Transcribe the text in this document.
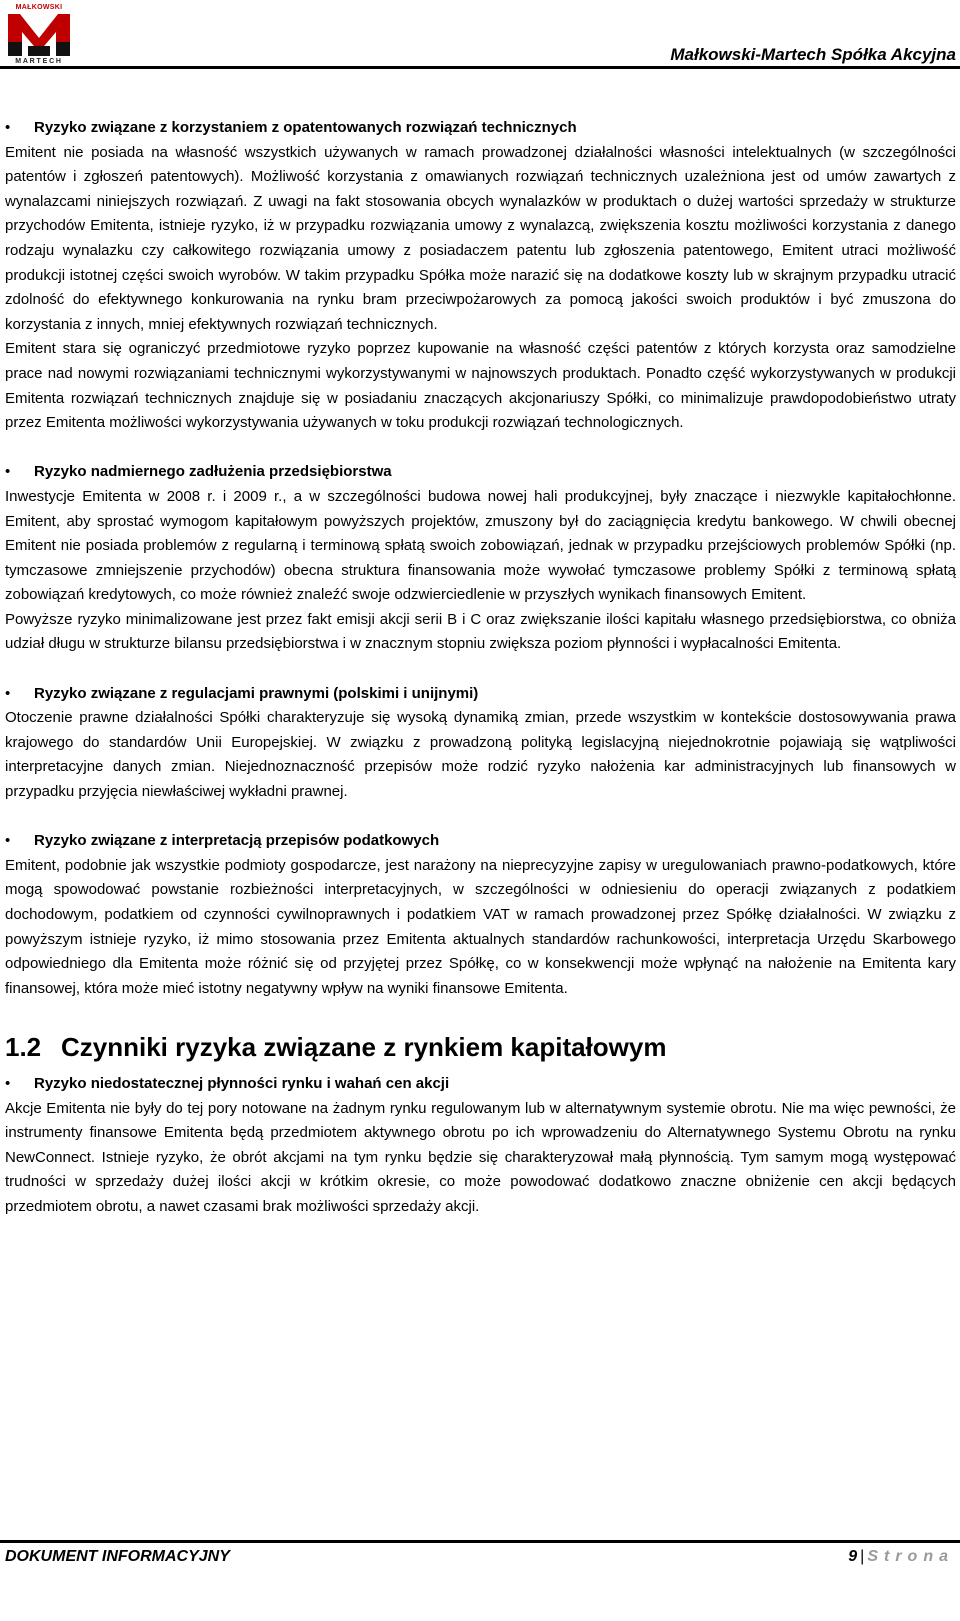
MAŁKOWSKI
MARTECH	Małkowski-Martech Spółka Akcyjna
• Ryzyko związane z korzystaniem z opatentowanych rozwiązań technicznych
Emitent nie posiada na własność wszystkich używanych w ramach prowadzonej działalności własności intelektualnych (w szczególności patentów i zgłoszeń patentowych). Możliwość korzystania z omawianych rozwiązań technicznych uzależniona jest od umów zawartych z wynalazcami niniejszych rozwiązań. Z uwagi na fakt stosowania obcych wynalazków w produktach o dużej wartości sprzedaży w strukturze przychodów Emitenta, istnieje ryzyko, iż w przypadku rozwiązania umowy z wynalazcą, zwiększenia kosztu możliwości korzystania z danego rodzaju wynalazku czy całkowitego rozwiązania umowy z posiadaczem patentu lub zgłoszenia patentowego, Emitent utraci możliwość produkcji istotnej części swoich wyrobów. W takim przypadku Spółka może narazić się na dodatkowe koszty lub w skrajnym przypadku utracić zdolność do efektywnego konkurowania na rynku bram przeciwpożarowych za pomocą jakości swoich produktów i być zmuszona do korzystania z innych, mniej efektywnych rozwiązań technicznych.
Emitent stara się ograniczyć przedmiotowe ryzyko poprzez kupowanie na własność części patentów z których korzysta oraz samodzielne prace nad nowymi rozwiązaniami technicznymi wykorzystywanymi w najnowszych produktach. Ponadto część wykorzystywanych w produkcji Emitenta rozwiązań technicznych znajduje się w posiadaniu znaczących akcjonariuszy Spółki, co minimalizuje prawdopodobieństwo utraty przez Emitenta możliwości wykorzystywania używanych w toku produkcji rozwiązań technologicznych.
• Ryzyko nadmiernego zadłużenia przedsiębiorstwa
Inwestycje Emitenta w 2008 r. i 2009 r., a w szczególności budowa nowej hali produkcyjnej, były znaczące i niezwykle kapitałochłonne. Emitent, aby sprostać wymogom kapitałowym powyższych projektów, zmuszony był do zaciągnięcia kredytu bankowego. W chwili obecnej Emitent nie posiada problemów z regularną i terminową spłatą swoich zobowiązań, jednak w przypadku przejściowych problemów Spółki (np. tymczasowe zmniejszenie przychodów) obecna struktura finansowania może wywołać tymczasowe problemy Spółki z terminową spłatą zobowiązań kredytowych, co może również znaleźć swoje odzwierciedlenie w przyszłych wynikach finansowych Emitent.
Powyższe ryzyko minimalizowane jest przez fakt emisji akcji serii B i C oraz zwiększanie ilości kapitału własnego przedsiębiorstwa, co obniża udział długu w strukturze bilansu przedsiębiorstwa i w znacznym stopniu zwiększa poziom płynności i wypłacalności Emitenta.
• Ryzyko związane z regulacjami prawnymi (polskimi i unijnymi)
Otoczenie prawne działalności Spółki charakteryzuje się wysoką dynamiką zmian, przede wszystkim w kontekście dostosowywania prawa krajowego do standardów Unii Europejskiej. W związku z prowadzoną polityką legislacyjną niejednokrotnie pojawiają się wątpliwości interpretacyjne danych zmian. Niejednoznaczność przepisów może rodzić ryzyko nałożenia kar administracyjnych lub finansowych w przypadku przyjęcia niewłaściwej wykładni prawnej.
• Ryzyko związane z interpretacją przepisów podatkowych
Emitent, podobnie jak wszystkie podmioty gospodarcze, jest narażony na nieprecyzyjne zapisy w uregulowaniach prawno-podatkowych, które mogą spowodować powstanie rozbieżności interpretacyjnych, w szczególności w odniesieniu do operacji związanych z podatkiem dochodowym, podatkiem od czynności cywilnoprawnych i podatkiem VAT w ramach prowadzonej przez Spółkę działalności. W związku z powyższym istnieje ryzyko, iż mimo stosowania przez Emitenta aktualnych standardów rachunkowości, interpretacja Urzędu Skarbowego odpowiedniego dla Emitenta może różnić się od przyjętej przez Spółkę, co w konsekwencji może wpłynąć na nałożenie na Emitenta kary finansowej, która może mieć istotny negatywny wpływ na wyniki finansowe Emitenta.
1.2 Czynniki ryzyka związane z rynkiem kapitałowym
• Ryzyko niedostatecznej płynności rynku i wahań cen akcji
Akcje Emitenta nie były do tej pory notowane na żadnym rynku regulowanym lub w alternatywnym systemie obrotu. Nie ma więc pewności, że instrumenty finansowe Emitenta będą przedmiotem aktywnego obrotu po ich wprowadzeniu do Alternatywnego Systemu Obrotu na rynku NewConnect. Istnieje ryzyko, że obrót akcjami na tym rynku będzie się charakteryzował małą płynnością. Tym samym mogą występować trudności w sprzedaży dużej ilości akcji w krótkim okresie, co może powodować dodatkowo znaczne obniżenie cen akcji będących przedmiotem obrotu, a nawet czasami brak możliwości sprzedaży akcji.
DOKUMENT INFORMACYJNY	9 | Strona
